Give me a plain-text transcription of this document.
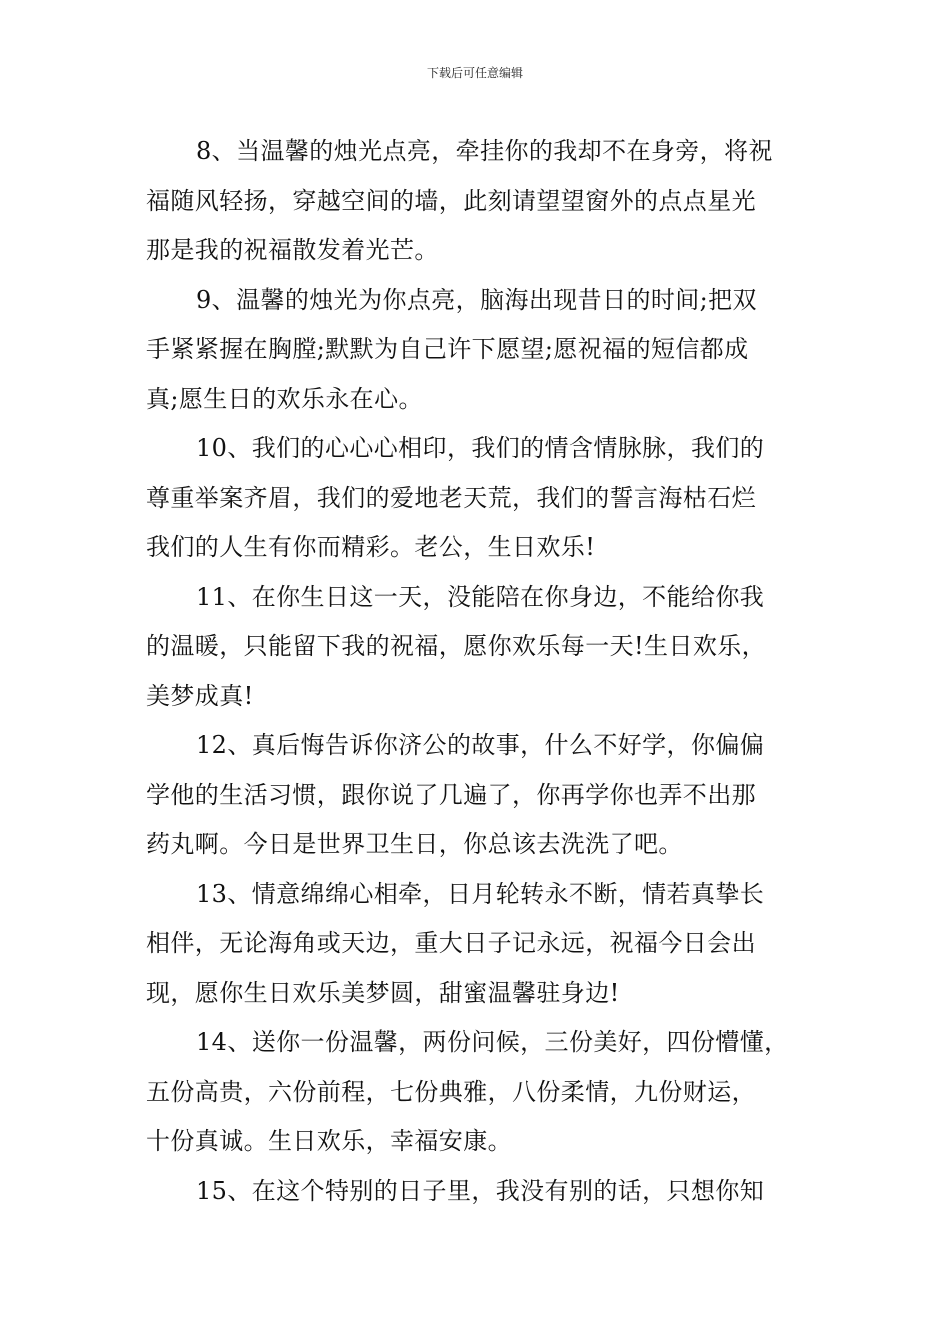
下载后可任意编辑
8、当温馨的烛光点亮，牵挂你的我却不在身旁，将祝
福随风轻扬，穿越空间的墙，此刻请望望窗外的点点星光
那是我的祝福散发着光芒。
9、温馨的烛光为你点亮，脑海出现昔日的时间;把双
手紧紧握在胸膛;默默为自己许下愿望;愿祝福的短信都成
真;愿生日的欢乐永在心。
10、我们的心心心相印，我们的情含情脉脉，我们的
尊重举案齐眉，我们的爱地老天荒，我们的誓言海枯石烂
我们的人生有你而精彩。老公，生日欢乐!
11、在你生日这一天，没能陪在你身边，不能给你我
的温暖，只能留下我的祝福，愿你欢乐每一天!生日欢乐，
美梦成真!
12、真后悔告诉你济公的故事，什么不好学，你偏偏
学他的生活习惯，跟你说了几遍了，你再学你也弄不出那
药丸啊。今日是世界卫生日，你总该去洗洗了吧。
13、情意绵绵心相牵，日月轮转永不断，情若真挚长
相伴，无论海角或天边，重大日子记永远，祝福今日会出
现，愿你生日欢乐美梦圆，甜蜜温馨驻身边!
14、送你一份温馨，两份问候，三份美好，四份懵懂，
五份高贵，六份前程，七份典雅，八份柔情，九份财运，
十份真诚。生日欢乐，幸福安康。
15、在这个特别的日子里，我没有别的话，只想你知
